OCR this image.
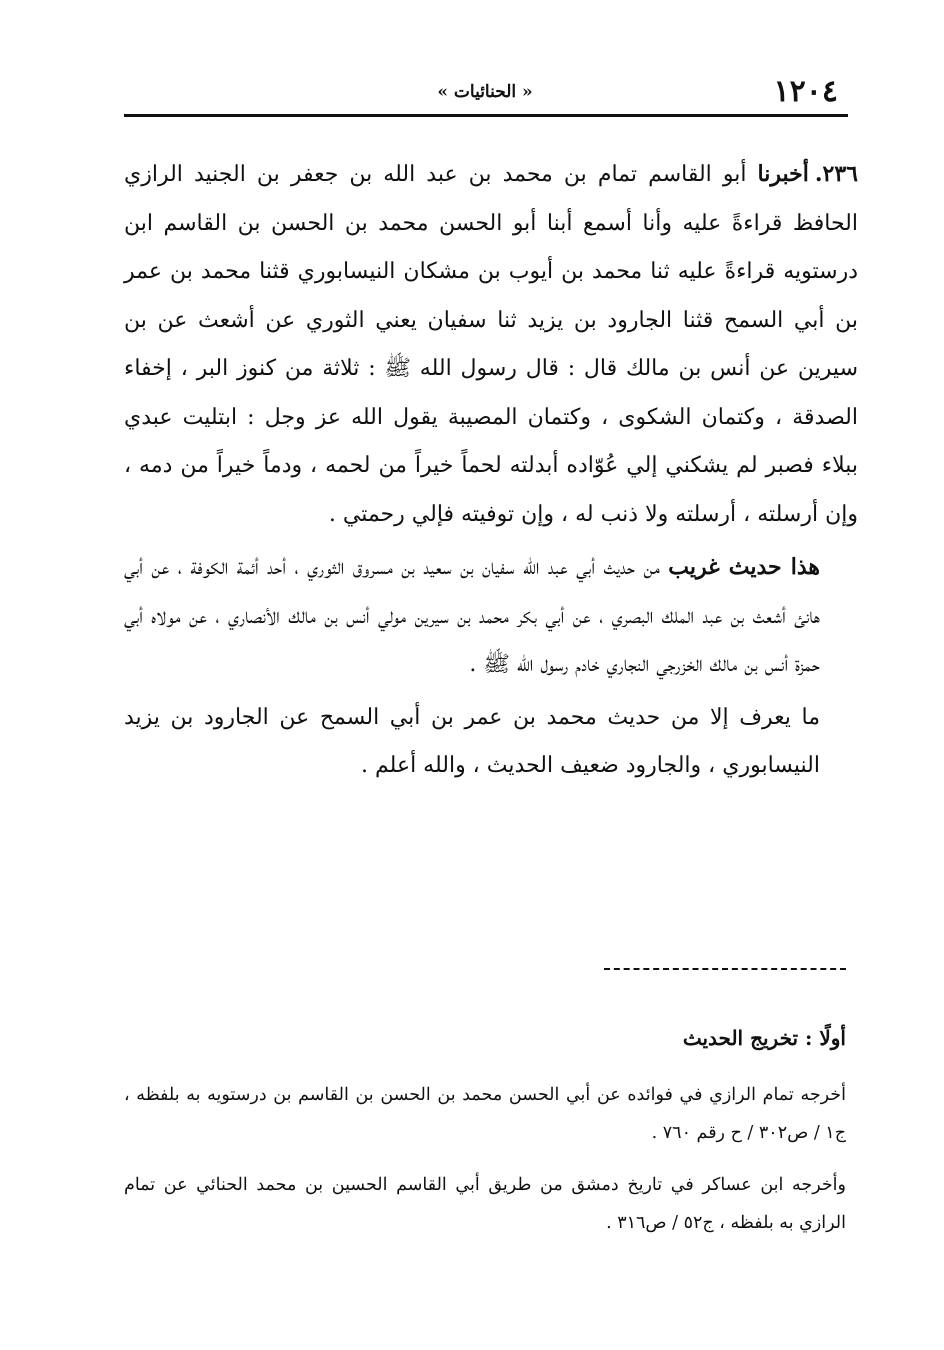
١٢٠٤
« الحنائيات »

٢٣٦.أخبرنا أبو القاسم تمام بن محمد بن عبد الله بن جعفر بن الجنيد الرازي الحافظ قراءةً عليه وأنا أسمع أبنا أبو الحسن محمد بن الحسن بن القاسم ابن درستويه قراءةً عليه ثنا محمد بن أيوب بن مشكان النيسابوري قثنا محمد بن عمر بن أبي السمح قثنا الجارود بن يزيد ثنا سفيان يعني الثوري عن أشعث عن بن سيرين عن أنس بن مالك قال : قال رسول الله ﷺ : ثلاثة من كنوز البر ، إخفاء الصدقة ، وكتمان الشكوى ، وكتمان المصيبة يقول الله عز وجل : ابتليت عبدي ببلاء فصبر لم يشكني إلي عُوّاده أبدلته لحماً خيراً من لحمه ، ودماً خيراً من دمه ، وإن أرسلته ، أرسلته ولا ذنب له ، وإن توفيته فإلي رحمتي .

هذا حديث غريب من حديث أبي عبد الله سفيان بن سعيد بن مسروق الثوري ، أحد أئمة الكوفة ، عن أبي هانئ أشعث بن عبد الملك البصري ، عن أبي بكر محمد بن سيرين مولي أنس بن مالك الأنصاري ، عن مولاه أبي حمزة أنس بن مالك الخزرجي النجاري خادم رسول الله ﷺ .

ما يعرف إلا من حديث محمد بن عمر بن أبي السمح عن الجارود بن يزيد النيسابوري ، والجارود ضعيف الحديث ، والله أعلم .

أولًا : تخريج الحديث

أخرجه تمام الرازي في فوائده عن أبي الحسن محمد بن الحسن بن القاسم بن درستويه به بلفظه ، ج١ / ص٣٠٢ / ح رقم ٧٦٠ .

وأخرجه ابن عساكر في تاريخ دمشق من طريق أبي القاسم الحسين بن محمد الحنائي عن تمام الرازي به بلفظه ، ج٥٢ / ص٣١٦ .
